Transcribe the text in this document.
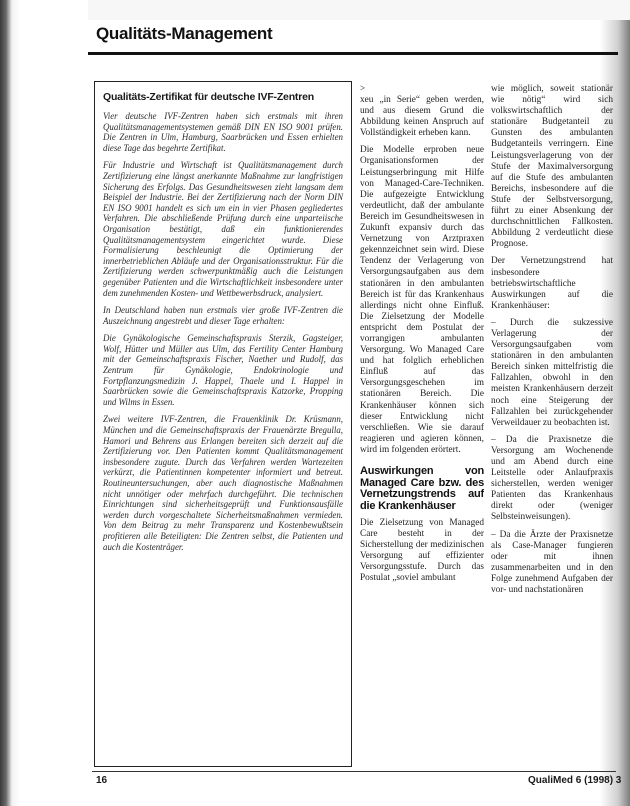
Qualitäts-Management
Qualitäts-Zertifikat für deutsche IVF-Zentren

Vier deutsche IVF-Zentren haben sich erstmals mit ihren Qualitätsmanagementsystemen gemäß DIN EN ISO 9001 prüfen. Die Zentren in Ulm, Hamburg, Saarbrücken und Essen erhielten diese Tage das begehrte Zertifikat.

Für Industrie und Wirtschaft ist Qualitätsmanagement durch Zertifizierung eine längst anerkannte Maßnahme zur langfristigen Sicherung des Erfolgs. Das Gesundheitswesen zieht langsam dem Beispiel der Industrie. Bei der Zertifizierung nach der Norm DIN EN ISO 9001 handelt es sich um ein in vier Phasen gegliedertes Verfahren. Die abschließende Prüfung durch eine unparteiische Organisation bestätigt, daß ein funktionierendes Qualitätsmanagementsystem eingerichtet wurde. Diese Formalisierung beschleunigt die Optimierung der innerbetrieblichen Abläufe und der Organisationsstruktur. Für die Zertifizierung werden schwerpunktmäßig auch die Leistungen gegenüber Patienten und die Wirtschaftlichkeit insbesondere unter dem zunehmenden Kosten- und Wettbewerbsdruck, analysiert.

In Deutschland haben nun erstmals vier große IVF-Zentren die Auszeichnung angestrebt und dieser Tage erhalten:

Die Gynäkologische Gemeinschaftspraxis Sterzik, Gagsteiger, Wolf, Hütter und Müller aus Ulm, das Fertility Center Hamburg mit der Gemeinschaftspraxis Fischer, Naether und Rudolf, das Zentrum für Gynäkologie, Endokrinologie und Fortpflanzungsmedizin J. Happel, Thaele und I. Happel in Saarbrücken sowie die Gemeinschaftspraxis Katzorke, Propping und Wilms in Essen.

Zwei weitere IVF-Zentren, die Frauenklinik Dr. Krüsmann, München und die Gemeinschaftspraxis der Frauenärzte Bregulla, Hamori und Behrens aus Erlangen bereiten sich derzeit auf die Zertifizierung vor. Den Patienten kommt Qualitätsmanagement insbesondere zugute. Durch das Verfahren werden Wartezeiten verkürzt, die Patientinnen kompetenter informiert und betreut. Routineuntersuchungen, aber auch diagnostische Maßnahmen nicht unnötiger oder mehrfach durchgeführt. Die technischen Einrichtungen sind sicherheitsgeprüft und Funktionsausfälle werden durch vorgeschaltete Sicherheitsmaßnahmen vermieden. Von dem Beitrag zu mehr Transparenz und Kostenbewußtsein profitieren alle Beteiligten: Die Zentren selbst, die Patienten und auch die Kostenträger.

>

xeu „in Serie“ geben werden, und aus diesem Grund die Abbildung keinen Anspruch auf Vollständigkeit erheben kann.

Die Modelle erproben neue Organisationsformen der Leistungserbringung mit Hilfe von Managed-Care-Techniken. Die aufgezeigte Entwicklung verdeutlicht, daß der ambulante Bereich im Gesundheitswesen in Zukunft expansiv durch das Vernetzung von Arztpraxen gekennzeichnet sein wird. Diese Tendenz der Verlagerung von Versorgungsaufgaben aus dem stationären in den ambulanten Bereich ist für das Krankenhaus allerdings nicht ohne Einfluß. Die Zielsetzung der Modelle entspricht dem Postulat der vorrangigen ambulanten Versorgung. Wo Managed Care und hat folglich erheblichen Einfluß auf das Versorgungsgeschehen im stationären Bereich. Die Krankenhäuser können sich dieser Entwicklung nicht verschließen. Wie sie darauf reagieren und agieren können, wird im folgenden erörtert.

Auswirkungen von Managed Care bzw. des Vernetzungstrends auf die Krankenhäuser

Die Zielsetzung von Managed Care besteht in der Sicherstellung der medizinischen Versorgung auf effizienter Versorgungsstufe. Durch das Postulat „soviel ambulant

wie möglich, soweit stationär wie nötig“ wird sich volkswirtschaftlich der stationäre Budgetanteil zu Gunsten des ambulanten Budgetanteils verringern. Eine Leistungsverlagerung von der Stufe der Maximalversorgung auf die Stufe des ambulanten Bereichs, insbesondere auf die Stufe der Selbstversorgung, führt zu einer Absenkung der durchschnittlichen Fallkosten. Abbildung 2 verdeutlicht diese Prognose.

Der Vernetzungstrend hat insbesondere betriebswirtschaftliche Auswirkungen auf die Krankenhäuser:

– Durch die sukzessive Verlagerung der Versorgungsaufgaben vom stationären in den ambulanten Bereich sinken mittelfristig die Fallzahlen, obwohl in den meisten Krankenhäusern derzeit noch eine Steigerung der Fallzahlen bei zurückgehender Verweildauer zu beobachten ist.

– Da die Praxisnetze die Versorgung am Wochenende und am Abend durch eine Leitstelle oder Anlaufpraxis sicherstellen, werden weniger Patienten das Krankenhaus direkt oder (weniger Selbsteinweisungen).

– Da die Ärzte der Praxisnetze als Case-Manager fungieren oder mit ihnen zusammenarbeiten und in den Folge zunehmend Aufgaben der vor- und nachstationären

16	QualiMed 6 (1998) 3
